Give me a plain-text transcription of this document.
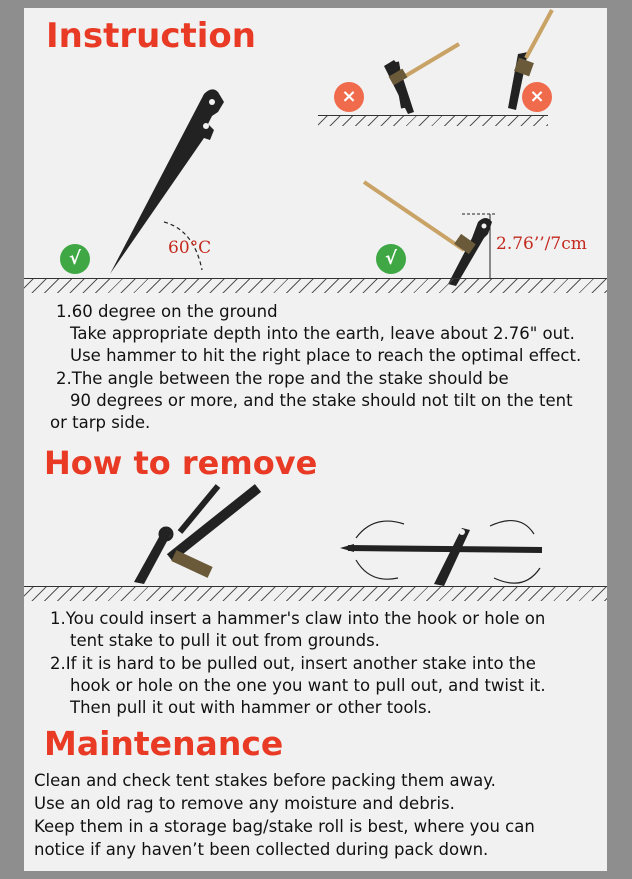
Instruction
×	×
√	60°C	√
2.76’’/7cm
1.60 degree on the ground
Take appropriate depth into the earth, leave about 2.76" out.
Use hammer to hit the right place to reach the optimal effect.
2.The angle between the rope and the stake should be
90 degrees or more, and the stake should not tilt on the tent
or tarp side.
How to remove
1.You could insert a hammer's claw into the hook or hole on
tent stake to pull it out from grounds.
2.If it is hard to be pulled out, insert another stake into the
hook or hole on the one you want to pull out, and twist it.
Then pull it out with hammer or other tools.
Maintenance
Clean and check tent stakes before packing them away.
Use an old rag to remove any moisture and debris.
Keep them in a storage bag/stake roll is best, where you can
notice if any haven’t been collected during pack down.
